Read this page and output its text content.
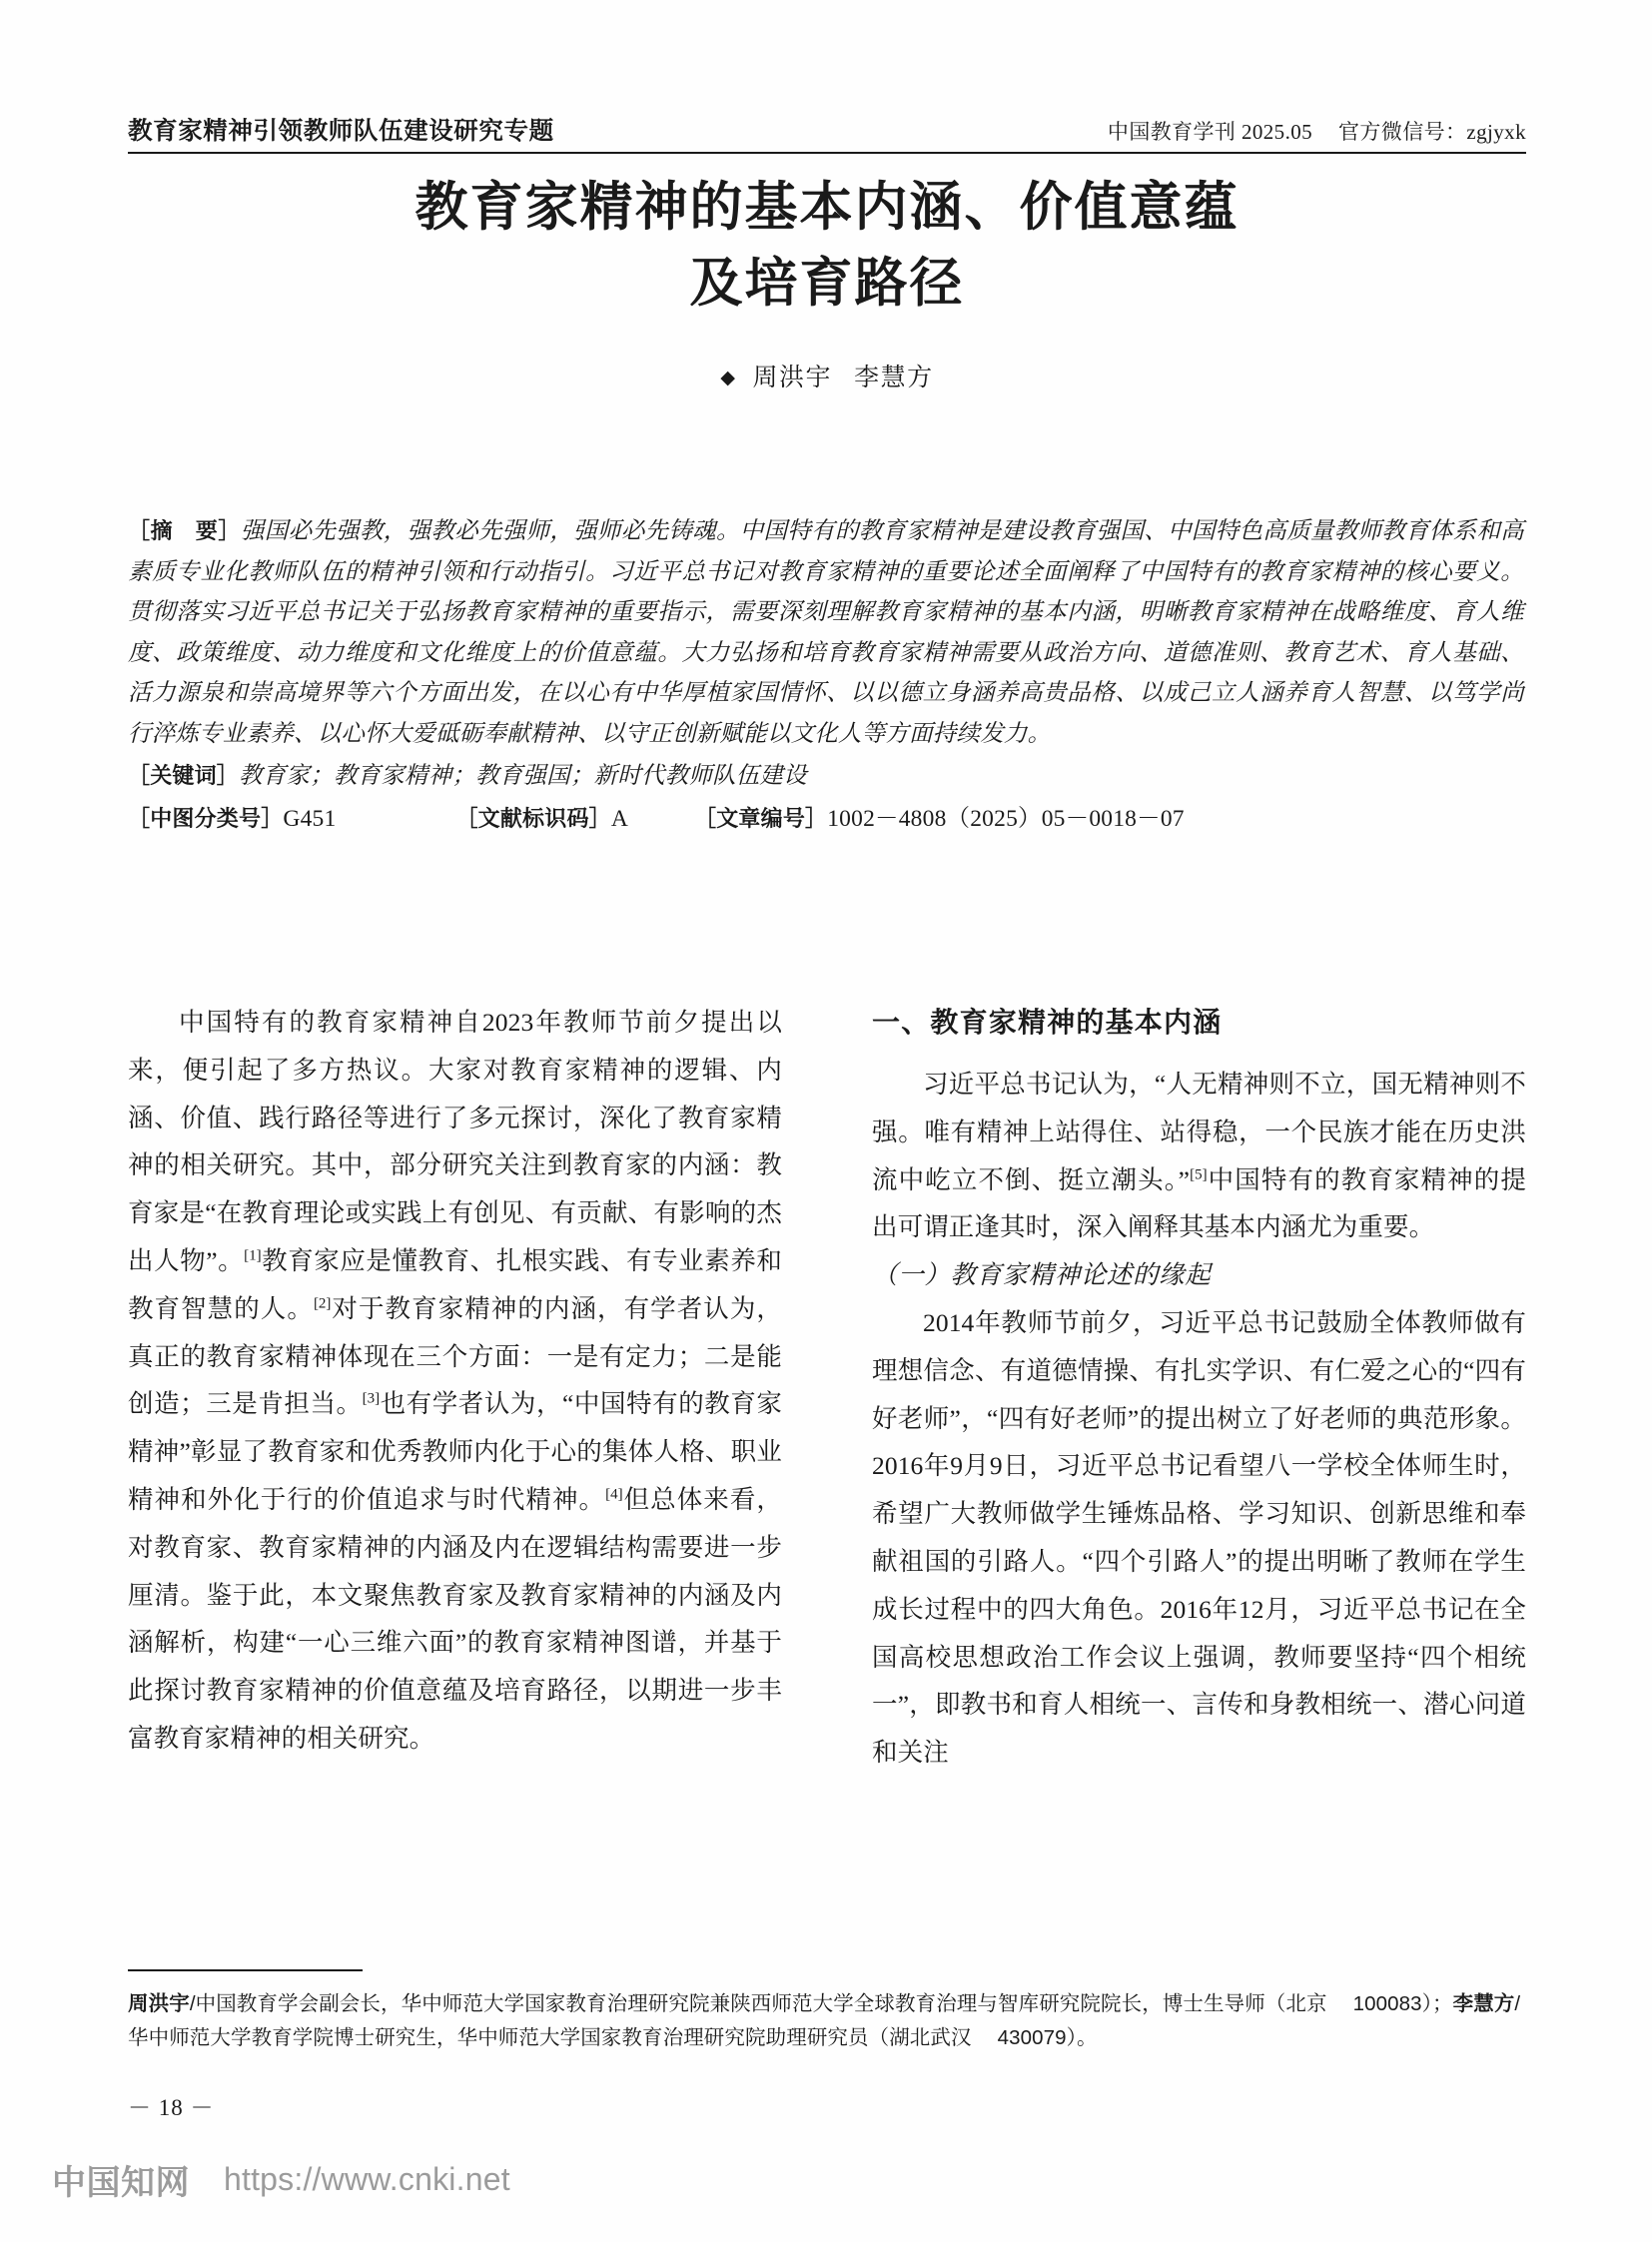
教育家精神引领教师队伍建设研究专题	中国教育学刊 2025.05 官方微信号：zgjyxk
教育家精神的基本内涵、价值意蕴
及培育路径
◆ 周洪宇 李慧方

［摘　要］强国必先强教，强教必先强师，强师必先铸魂。中国特有的教育家精神是建设教育强国、中国特色高质量教师教育体系和高素质专业化教师队伍的精神引领和行动指引。习近平总书记对教育家精神的重要论述全面阐释了中国特有的教育家精神的核心要义。贯彻落实习近平总书记关于弘扬教育家精神的重要指示，需要深刻理解教育家精神的基本内涵，明晰教育家精神在战略维度、育人维度、政策维度、动力维度和文化维度上的价值意蕴。大力弘扬和培育教育家精神需要从政治方向、道德准则、教育艺术、育人基础、活力源泉和崇高境界等六个方面出发，在以心有中华厚植家国情怀、以以德立身涵养高贵品格、以成己立人涵养育人智慧、以笃学尚行淬炼专业素养、以心怀大爱砥砺奉献精神、以守正创新赋能以文化人等方面持续发力。

［关键词］教育家；教育家精神；教育强国；新时代教师队伍建设

［中图分类号］G451	［文献标识码］A	［文章编号］1002－4808（2025）05－0018－07

中国特有的教育家精神自2023年教师节前夕提出以来，便引起了多方热议。大家对教育家精神的逻辑、内涵、价值、践行路径等进行了多元探讨，深化了教育家精神的相关研究。其中，部分研究关注到教育家的内涵：教育家是“在教育理论或实践上有创见、有贡献、有影响的杰出人物”。[1]教育家应是懂教育、扎根实践、有专业素养和教育智慧的人。[2]对于教育家精神的内涵，有学者认为，真正的教育家精神体现在三个方面：一是有定力；二是能创造；三是肯担当。[3]也有学者认为，“中国特有的教育家精神”彰显了教育家和优秀教师内化于心的集体人格、职业精神和外化于行的价值追求与时代精神。[4]但总体来看，对教育家、教育家精神的内涵及内在逻辑结构需要进一步厘清。鉴于此，本文聚焦教育家及教育家精神的内涵及内涵解析，构建“一心三维六面”的教育家精神图谱，并基于此探讨教育家精神的价值意蕴及培育路径，以期进一步丰富教育家精神的相关研究。

一、教育家精神的基本内涵

习近平总书记认为，“人无精神则不立，国无精神则不强。唯有精神上站得住、站得稳，一个民族才能在历史洪流中屹立不倒、挺立潮头。”[5]中国特有的教育家精神的提出可谓正逢其时，深入阐释其基本内涵尤为重要。

（一）教育家精神论述的缘起

2014年教师节前夕，习近平总书记鼓励全体教师做有理想信念、有道德情操、有扎实学识、有仁爱之心的“四有好老师”，“四有好老师”的提出树立了好老师的典范形象。2016年9月9日，习近平总书记看望八一学校全体师生时，希望广大教师做学生锤炼品格、学习知识、创新思维和奉献祖国的引路人。“四个引路人”的提出明晰了教师在学生成长过程中的四大角色。2016年12月，习近平总书记在全国高校思想政治工作会议上强调，教师要坚持“四个相统一”，即教书和育人相统一、言传和身教相统一、潜心问道和关注

周洪宇/中国教育学会副会长，华中师范大学国家教育治理研究院兼陕西师范大学全球教育治理与智库研究院院长，博士生导师（北京 100083）；李慧方/华中师范大学教育学院博士研究生，华中师范大学国家教育治理研究院助理研究员（湖北武汉 430079）。

－ 18 －
中国知网 https://www.cnki.net
